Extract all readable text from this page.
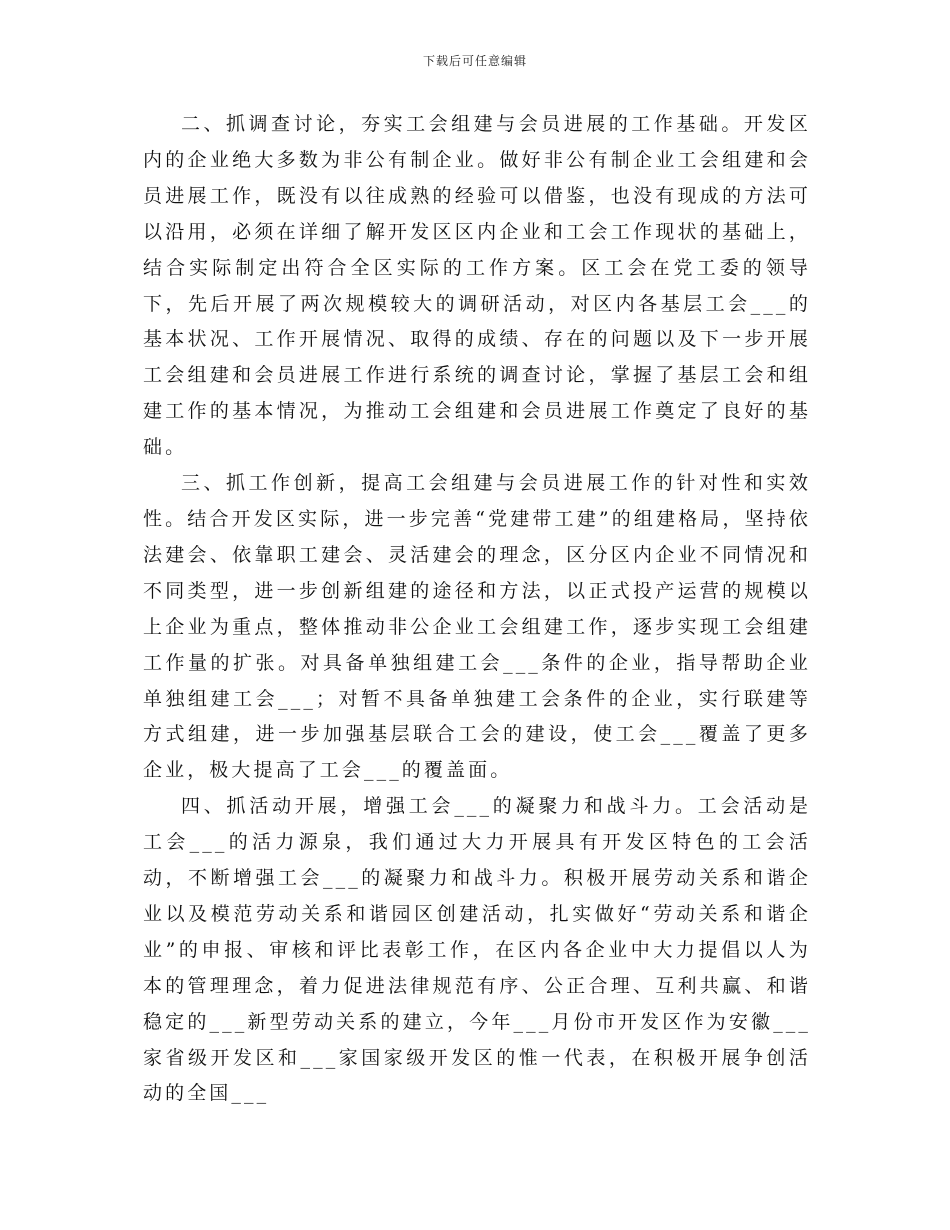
下载后可任意编辑

二、抓调查讨论，夯实工会组建与会员进展的工作基础。开发区内的企业绝大多数为非公有制企业。做好非公有制企业工会组建和会员进展工作，既没有以往成熟的经验可以借鉴，也没有现成的方法可以沿用，必须在详细了解开发区区内企业和工会工作现状的基础上，结合实际制定出符合全区实际的工作方案。区工会在党工委的领导下，先后开展了两次规模较大的调研活动，对区内各基层工会___的基本状况、工作开展情况、取得的成绩、存在的问题以及下一步开展工会组建和会员进展工作进行系统的调查讨论，掌握了基层工会和组建工作的基本情况，为推动工会组建和会员进展工作奠定了良好的基础。

三、抓工作创新，提高工会组建与会员进展工作的针对性和实效性。结合开发区实际，进一步完善“党建带工建”的组建格局，坚持依法建会、依靠职工建会、灵活建会的理念，区分区内企业不同情况和不同类型，进一步创新组建的途径和方法，以正式投产运营的规模以上企业为重点，整体推动非公企业工会组建工作，逐步实现工会组建工作量的扩张。对具备单独组建工会___条件的企业，指导帮助企业单独组建工会___；对暂不具备单独建工会条件的企业，实行联建等方式组建，进一步加强基层联合工会的建设，使工会___覆盖了更多企业，极大提高了工会___的覆盖面。

四、抓活动开展，增强工会___的凝聚力和战斗力。工会活动是工会___的活力源泉，我们通过大力开展具有开发区特色的工会活动，不断增强工会___的凝聚力和战斗力。积极开展劳动关系和谐企业以及模范劳动关系和谐园区创建活动，扎实做好“劳动关系和谐企业”的申报、审核和评比表彰工作，在区内各企业中大力提倡以人为本的管理理念，着力促进法律规范有序、公正合理、互利共赢、和谐稳定的___新型劳动关系的建立，今年___月份市开发区作为安徽___家省级开发区和___家国家级开发区的惟一代表，在积极开展争创活动的全国___
